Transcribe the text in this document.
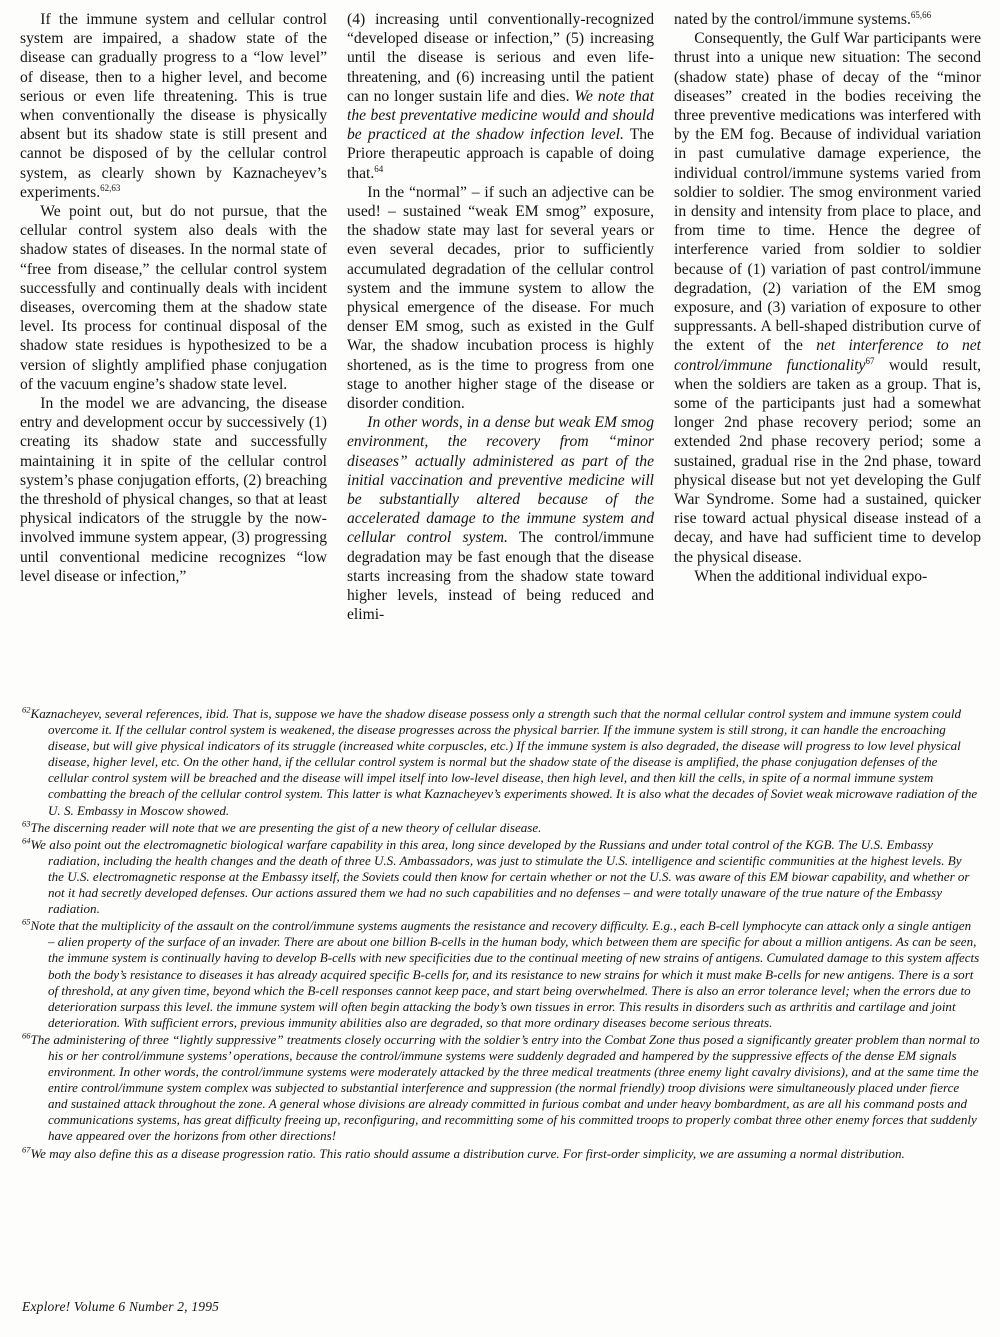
If the immune system and cellular control system are impaired, a shadow state of the disease can gradually progress to a “low level” of disease, then to a higher level, and become serious or even life threatening. This is true when conventionally the disease is physically absent but its shadow state is still present and cannot be disposed of by the cellular control system, as clearly shown by Kaznacheyev’s experiments.$^{62,63}$

We point out, but do not pursue, that the cellular control system also deals with the shadow states of diseases. In the normal state of “free from disease,” the cellular control system successfully and continually deals with incident diseases, overcoming them at the shadow state level. Its process for continual disposal of the shadow state residues is hypothesized to be a version of slightly amplified phase conjugation of the vacuum engine’s shadow state level.

In the model we are advancing, the disease entry and development occur by successively (1) creating its shadow state and successfully maintaining it in spite of the cellular control system’s phase conjugation efforts, (2) breaching the threshold of physical changes, so that at least physical indicators of the struggle by the now-involved immune system appear, (3) progressing until conventional medicine recognizes “low level disease or infection,”

(4) increasing until conventionally-recognized “developed disease or infection,” (5) increasing until the disease is serious and even life-threatening, and (6) increasing until the patient can no longer sustain life and dies. We note that the best preventative medicine would and should be practiced at the shadow infection level. The Priore therapeutic approach is capable of doing that.$^{64}$

In the “normal” – if such an adjective can be used! – sustained “weak EM smog” exposure, the shadow state may last for several years or even several decades, prior to sufficiently accumulated degradation of the cellular control system and the immune system to allow the physical emergence of the disease. For much denser EM smog, such as existed in the Gulf War, the shadow incubation process is highly shortened, as is the time to progress from one stage to another higher stage of the disease or disorder condition.

In other words, in a dense but weak EM smog environment, the recovery from “minor diseases” actually administered as part of the initial vaccination and preventive medicine will be substantially altered because of the accelerated damage to the immune system and cellular control system. The control/immune degradation may be fast enough that the disease starts increasing from the shadow state toward higher levels, instead of being reduced and elimi-

nated by the control/immune systems.$^{65,66}$

Consequently, the Gulf War participants were thrust into a unique new situation: The second (shadow state) phase of decay of the “minor diseases” created in the bodies receiving the three preventive medications was interfered with by the EM fog. Because of individual variation in past cumulative damage experience, the individual control/immune systems varied from soldier to soldier. The smog environment varied in density and intensity from place to place, and from time to time. Hence the degree of interference varied from soldier to soldier because of (1) variation of past control/immune degradation, (2) variation of the EM smog exposure, and (3) variation of exposure to other suppressants. A bell-shaped distribution curve of the extent of the net interference to net control/immune functionality$^{67}$ would result, when the soldiers are taken as a group. That is, some of the participants just had a somewhat longer 2nd phase recovery period; some an extended 2nd phase recovery period; some a sustained, gradual rise in the 2nd phase, toward physical disease but not yet developing the Gulf War Syndrome. Some had a sustained, quicker rise toward actual physical disease instead of a decay, and have had sufficient time to develop the physical disease.

When the additional individual expo-

$^{62}$Kaznacheyev, several references, ibid. That is, suppose we have the shadow disease possess only a strength such that the normal cellular control system and immune system could overcome it. If the cellular control system is weakened, the disease progresses across the physical barrier. If the immune system is still strong, it can handle the encroaching disease, but will give physical indicators of its struggle (increased white corpuscles, etc.) If the immune system is also degraded, the disease will progress to low level physical disease, higher level, etc. On the other hand, if the cellular control system is normal but the shadow state of the disease is amplified, the phase conjugation defenses of the cellular control system will be breached and the disease will impel itself into low-level disease, then high level, and then kill the cells, in spite of a normal immune system combatting the breach of the cellular control system. This latter is what Kaznacheyev’s experiments showed. It is also what the decades of Soviet weak microwave radiation of the U. S. Embassy in Moscow showed.
$^{63}$The discerning reader will note that we are presenting the gist of a new theory of cellular disease.
$^{64}$We also point out the electromagnetic biological warfare capability in this area, long since developed by the Russians and under total control of the KGB. The U.S. Embassy radiation, including the health changes and the death of three U.S. Ambassadors, was just to stimulate the U.S. intelligence and scientific communities at the highest levels. By the U.S. electromagnetic response at the Embassy itself, the Soviets could then know for certain whether or not the U.S. was aware of this EM biowar capability, and whether or not it had secretly developed defenses. Our actions assured them we had no such capabilities and no defenses – and were totally unaware of the true nature of the Embassy radiation.
$^{65}$Note that the multiplicity of the assault on the control/immune systems augments the resistance and recovery difficulty. E.g., each B-cell lymphocyte can attack only a single antigen – alien property of the surface of an invader. There are about one billion B-cells in the human body, which between them are specific for about a million antigens. As can be seen, the immune system is continually having to develop B-cells with new specificities due to the continual meeting of new strains of antigens. Cumulated damage to this system affects both the body’s resistance to diseases it has already acquired specific B-cells for, and its resistance to new strains for which it must make B-cells for new antigens. There is a sort of threshold, at any given time, beyond which the B-cell responses cannot keep pace, and start being overwhelmed. There is also an error tolerance level; when the errors due to deterioration surpass this level. the immune system will often begin attacking the body’s own tissues in error. This results in disorders such as arthritis and cartilage and joint deterioration. With sufficient errors, previous immunity abilities also are degraded, so that more ordinary diseases become serious threats.
$^{66}$The administering of three “lightly suppressive” treatments closely occurring with the soldier’s entry into the Combat Zone thus posed a significantly greater problem than normal to his or her control/immune systems’ operations, because the control/immune systems were suddenly degraded and hampered by the suppressive effects of the dense EM signals environment. In other words, the control/immune systems were moderately attacked by the three medical treatments (three enemy light cavalry divisions), and at the same time the entire control/immune system complex was subjected to substantial interference and suppression (the normal friendly) troop divisions were simultaneously placed under fierce and sustained attack throughout the zone. A general whose divisions are already committed in furious combat and under heavy bombardment, as are all his command posts and communications systems, has great difficulty freeing up, reconfiguring, and recommitting some of his committed troops to properly combat three other enemy forces that suddenly have appeared over the horizons from other directions!
$^{67}$We may also define this as a disease progression ratio. This ratio should assume a distribution curve. For first-order simplicity, we are assuming a normal distribution.
Explore! Volume 6 Number 2, 1995
